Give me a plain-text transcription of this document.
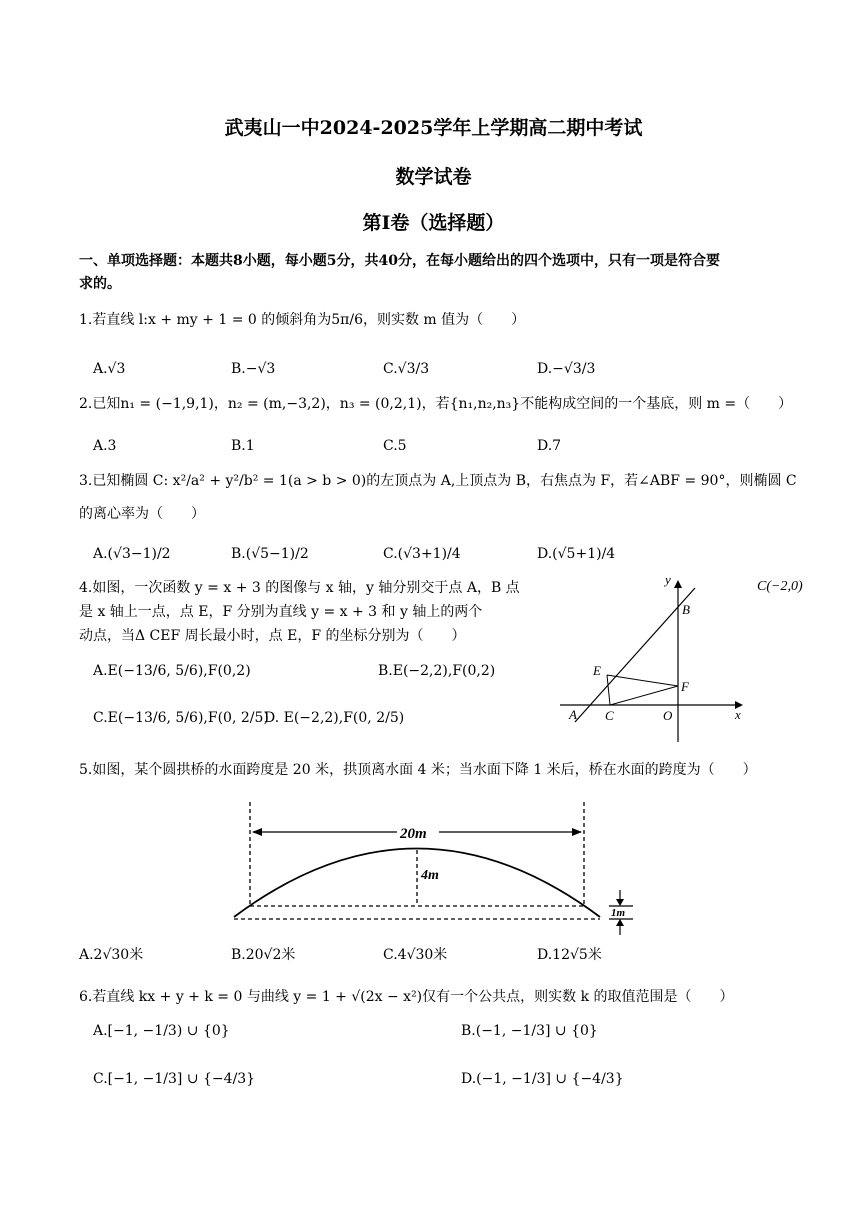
武夷山一中2024-2025学年上学期高二期中考试
数学试卷
第I卷（选择题）
一、单项选择题：本题共8小题，每小题5分，共40分，在每小题给出的四个选项中，只有一项是符合要
求的。
1.若直线 l:x + my + 1 = 0 的倾斜角为5π/6，则实数 m 值为（　　）
A.√3	B.−√3	C.√3/3	D.−√3/3
2.已知n₁ = (−1,9,1)，n₂ = (m,−3,2)，n₃ = (0,2,1)，若{n₁,n₂,n₃}不能构成空间的一个基底，则 m =（　　）
A.3	B.1	C.5	D.7
3.已知椭圆 C: x²/a² + y²/b² = 1(a > b > 0)的左顶点为 A,上顶点为 B，右焦点为 F，若∠ABF = 90°，则椭圆 C
的离心率为（　　）
A.(√3−1)/2	B.(√5−1)/2	C.(√3+1)/4	D.(√5+1)/4
4.如图，一次函数 y = x + 3 的图像与 x 轴，y 轴分别交于点 A，B 点
是 x 轴上一点，点 E，F 分别为直线 y = x + 3 和 y 轴上的两个
动点，当Δ CEF 周长最小时，点 E，F 的坐标分别为（　　）
C(−2,0)
A.E(−13/6, 5/6),F(0,2)	B.E(−2,2),F(0,2)
C.E(−13/6, 5/6),F(0, 2/5)
D. E(−2,2),F(0, 2/5)
y
x
B
E
F
A C	O
5.如图，某个圆拱桥的水面跨度是 20 米，拱顶离水面 4 米；当水面下降 1 米后，桥在水面的跨度为（　　）
20m
4m
1m
A.2√30米	B.20√2米	C.4√30米	D.12√5米
6.若直线 kx + y + k = 0 与曲线 y = 1 + √(2x − x²)仅有一个公共点，则实数 k 的取值范围是（　　）
A.[−1, −1/3) ∪ {0}	B.(−1, −1/3] ∪ {0}
C.[−1, −1/3] ∪ {−4/3}	D.(−1, −1/3] ∪ {−4/3}
